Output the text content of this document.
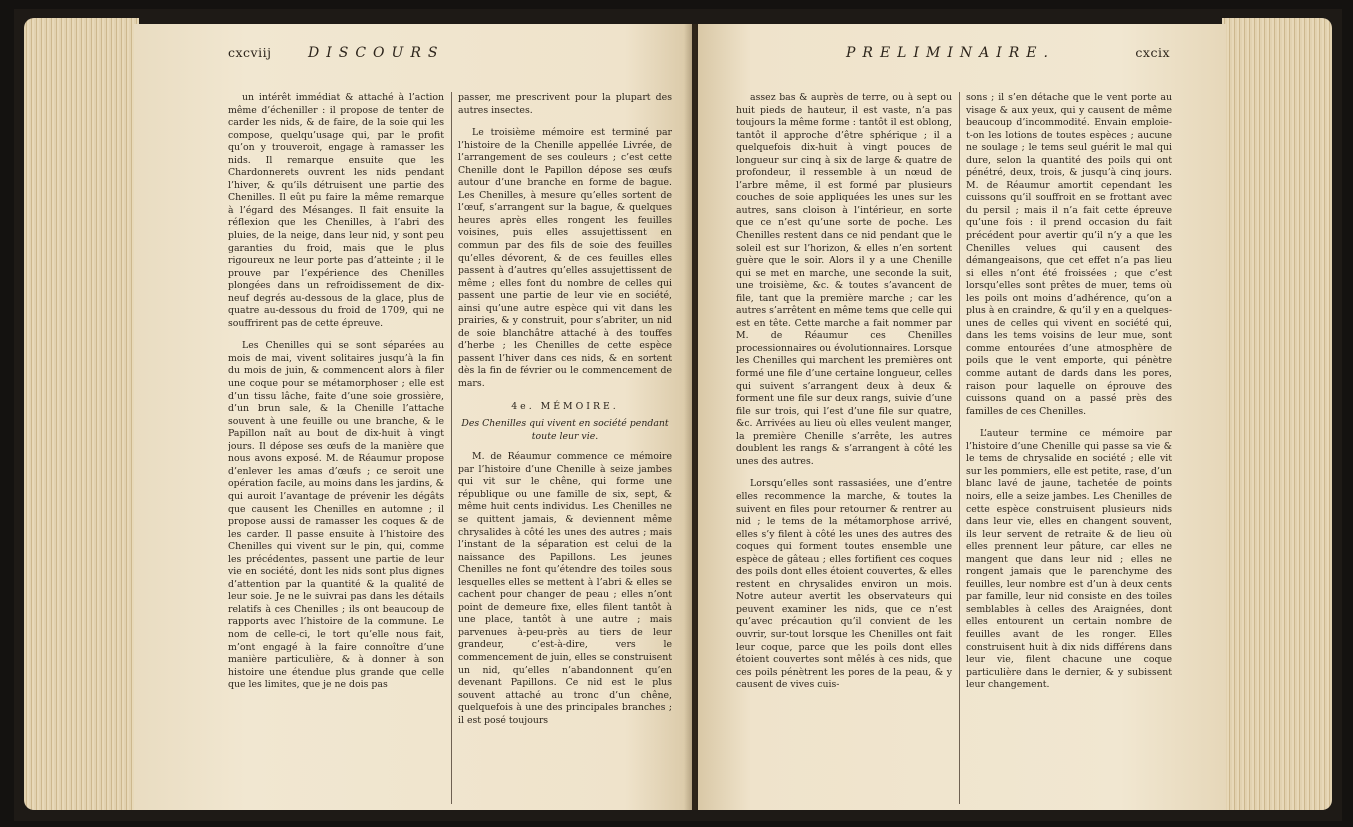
cxcviij	DISCOURS

un intérêt immédiat & attaché à l’action même d’écheniller : il propose de tenter de carder les nids, & de faire, de la soie qui les compose, quelqu’usage qui, par le profit qu’on y trouveroit, engage à ramasser les nids. Il remarque ensuite que les Chardonnerets ouvrent les nids pendant l’hiver, & qu’ils détruisent une partie des Chenilles. Il eût pu faire la même remarque à l’égard des Mésanges. Il fait ensuite la réflexion que les Chenilles, à l’abri des pluies, de la neige, dans leur nid, y sont peu garanties du froid, mais que le plus rigoureux ne leur porte pas d’atteinte ; il le prouve par l’expérience des Chenilles plongées dans un refroidissement de dix-neuf degrés au-dessous de la glace, plus de quatre au-dessous du froid de 1709, qui ne souffrirent pas de cette épreuve.

Les Chenilles qui se sont séparées au mois de mai, vivent solitaires jusqu’à la fin du mois de juin, & commencent alors à filer une coque pour se métamorphoser ; elle est d’un tissu lâche, faite d’une soie grossière, d’un brun sale, & la Chenille l’attache souvent à une feuille ou une branche, & le Papillon naît au bout de dix-huit à vingt jours. Il dépose ses œufs de la manière que nous avons exposé. M. de Réaumur propose d’enlever les amas d’œufs ; ce seroit une opération facile, au moins dans les jardins, & qui auroit l’avantage de prévenir les dégâts que causent les Chenilles en automne ; il propose aussi de ramasser les coques & de les carder. Il passe ensuite à l’histoire des Chenilles qui vivent sur le pin, qui, comme les précédentes, passent une partie de leur vie en société, dont les nids sont plus dignes d’attention par la quantité & la qualité de leur soie. Je ne le suivrai pas dans les détails relatifs à ces Chenilles ; ils ont beaucoup de rapports avec l’histoire de la commune. Le nom de celle-ci, le tort qu’elle nous fait, m’ont engagé à la faire connoître d’une manière particulière, & à donner à son histoire une étendue plus grande que celle que les limites, que je ne dois pas

passer, me prescrivent pour la plupart des autres insectes.

Le troisième mémoire est terminé par l’histoire de la Chenille appellée Livrée, de l’arrangement de ses couleurs ; c’est cette Chenille dont le Papillon dépose ses œufs autour d’une branche en forme de bague. Les Chenilles, à mesure qu’elles sortent de l’œuf, s’arrangent sur la bague, & quelques heures après elles rongent les feuilles voisines, puis elles assujettissent en commun par des fils de soie des feuilles qu’elles dévorent, & de ces feuilles elles passent à d’autres qu’elles assujettissent de même ; elles font du nombre de celles qui passent une partie de leur vie en société, ainsi qu’une autre espèce qui vit dans les prairies, & y construit, pour s’abriter, un nid de soie blanchâtre attaché à des touffes d’herbe ; les Chenilles de cette espèce passent l’hiver dans ces nids, & en sortent dès la fin de février ou le commencement de mars.

4e. MÉMOIRE.

Des Chenilles qui vivent en société pendant toute leur vie.

M. de Réaumur commence ce mémoire par l’histoire d’une Chenille à seize jambes qui vit sur le chêne, qui forme une république ou une famille de six, sept, & même huit cents individus. Les Chenilles ne se quittent jamais, & deviennent même chrysalides à côté les unes des autres ; mais l’instant de la séparation est celui de la naissance des Papillons. Les jeunes Chenilles ne font qu’étendre des toiles sous lesquelles elles se mettent à l’abri & elles se cachent pour changer de peau ; elles n’ont point de demeure fixe, elles filent tantôt à une place, tantôt à une autre ; mais parvenues à-peu-près au tiers de leur grandeur, c’est-à-dire, vers le commencement de juin, elles se construisent un nid, qu’elles n’abandonnent qu’en devenant Papillons. Ce nid est le plus souvent attaché au tronc d’un chêne, quelquefois à une des principales branches ; il est posé toujours

PRELIMINAIRE.	cxcix

assez bas & auprès de terre, ou à sept ou huit pieds de hauteur, il est vaste, n’a pas toujours la même forme : tantôt il est oblong, tantôt il approche d’être sphérique ; il a quelquefois dix-huit à vingt pouces de longueur sur cinq à six de large & quatre de profondeur, il ressemble à un nœud de l’arbre même, il est formé par plusieurs couches de soie appliquées les unes sur les autres, sans cloison à l’intérieur, en sorte que ce n’est qu’une sorte de poche. Les Chenilles restent dans ce nid pendant que le soleil est sur l’horizon, & elles n’en sortent guère que le soir. Alors il y a une Chenille qui se met en marche, une seconde la suit, une troisième, &c. & toutes s’avancent de file, tant que la première marche ; car les autres s’arrêtent en même tems que celle qui est en tête. Cette marche a fait nommer par M. de Réaumur ces Chenilles processionnaires ou évolutionnaires. Lorsque les Chenilles qui marchent les premières ont formé une file d’une certaine longueur, celles qui suivent s’arrangent deux à deux & forment une file sur deux rangs, suivie d’une file sur trois, qui l’est d’une file sur quatre, &c. Arrivées au lieu où elles veulent manger, la première Chenille s’arrête, les autres doublent les rangs & s’arrangent à côté les unes des autres.

Lorsqu’elles sont rassasiées, une d’entre elles recommence la marche, & toutes la suivent en files pour retourner & rentrer au nid ; le tems de la métamorphose arrivé, elles s’y filent à côté les unes des autres des coques qui forment toutes ensemble une espèce de gâteau ; elles fortifient ces coques des poils dont elles étoient couvertes, & elles restent en chrysalides environ un mois. Notre auteur avertit les observateurs qui peuvent examiner les nids, que ce n’est qu’avec précaution qu’il convient de les ouvrir, sur-tout lorsque les Chenilles ont fait leur coque, parce que les poils dont elles étoient couvertes sont mêlés à ces nids, que ces poils pénètrent les pores de la peau, & y causent de vives cuis-

sons ; il s’en détache que le vent porte au visage & aux yeux, qui y causent de même beaucoup d’incommodité. Envain emploie-t-on les lotions de toutes espèces ; aucune ne soulage ; le tems seul guérit le mal qui dure, selon la quantité des poils qui ont pénétré, deux, trois, & jusqu’à cinq jours. M. de Réaumur amortit cependant les cuissons qu’il souffroit en se frottant avec du persil ; mais il n’a fait cette épreuve qu’une fois : il prend occasion du fait précédent pour avertir qu’il n’y a que les Chenilles velues qui causent des démangeaisons, que cet effet n’a pas lieu si elles n’ont été froissées ; que c’est lorsqu’elles sont prêtes de muer, tems où les poils ont moins d’adhérence, qu’on a plus à en craindre, & qu’il y en a quelques-unes de celles qui vivent en société qui, dans les tems voisins de leur mue, sont comme entourées d’une atmosphère de poils que le vent emporte, qui pénètre comme autant de dards dans les pores, raison pour laquelle on éprouve des cuissons quand on a passé près des familles de ces Chenilles.

L’auteur termine ce mémoire par l’histoire d’une Chenille qui passe sa vie & le tems de chrysalide en société ; elle vit sur les pommiers, elle est petite, rase, d’un blanc lavé de jaune, tachetée de points noirs, elle a seize jambes. Les Chenilles de cette espèce construisent plusieurs nids dans leur vie, elles en changent souvent, ils leur servent de retraite & de lieu où elles prennent leur pâture, car elles ne mangent que dans leur nid ; elles ne rongent jamais que le parenchyme des feuilles, leur nombre est d’un à deux cents par famille, leur nid consiste en des toiles semblables à celles des Araignées, dont elles entourent un certain nombre de feuilles avant de les ronger. Elles construisent huit à dix nids différens dans leur vie, filent chacune une coque particulière dans le dernier, & y subissent leur changement.
